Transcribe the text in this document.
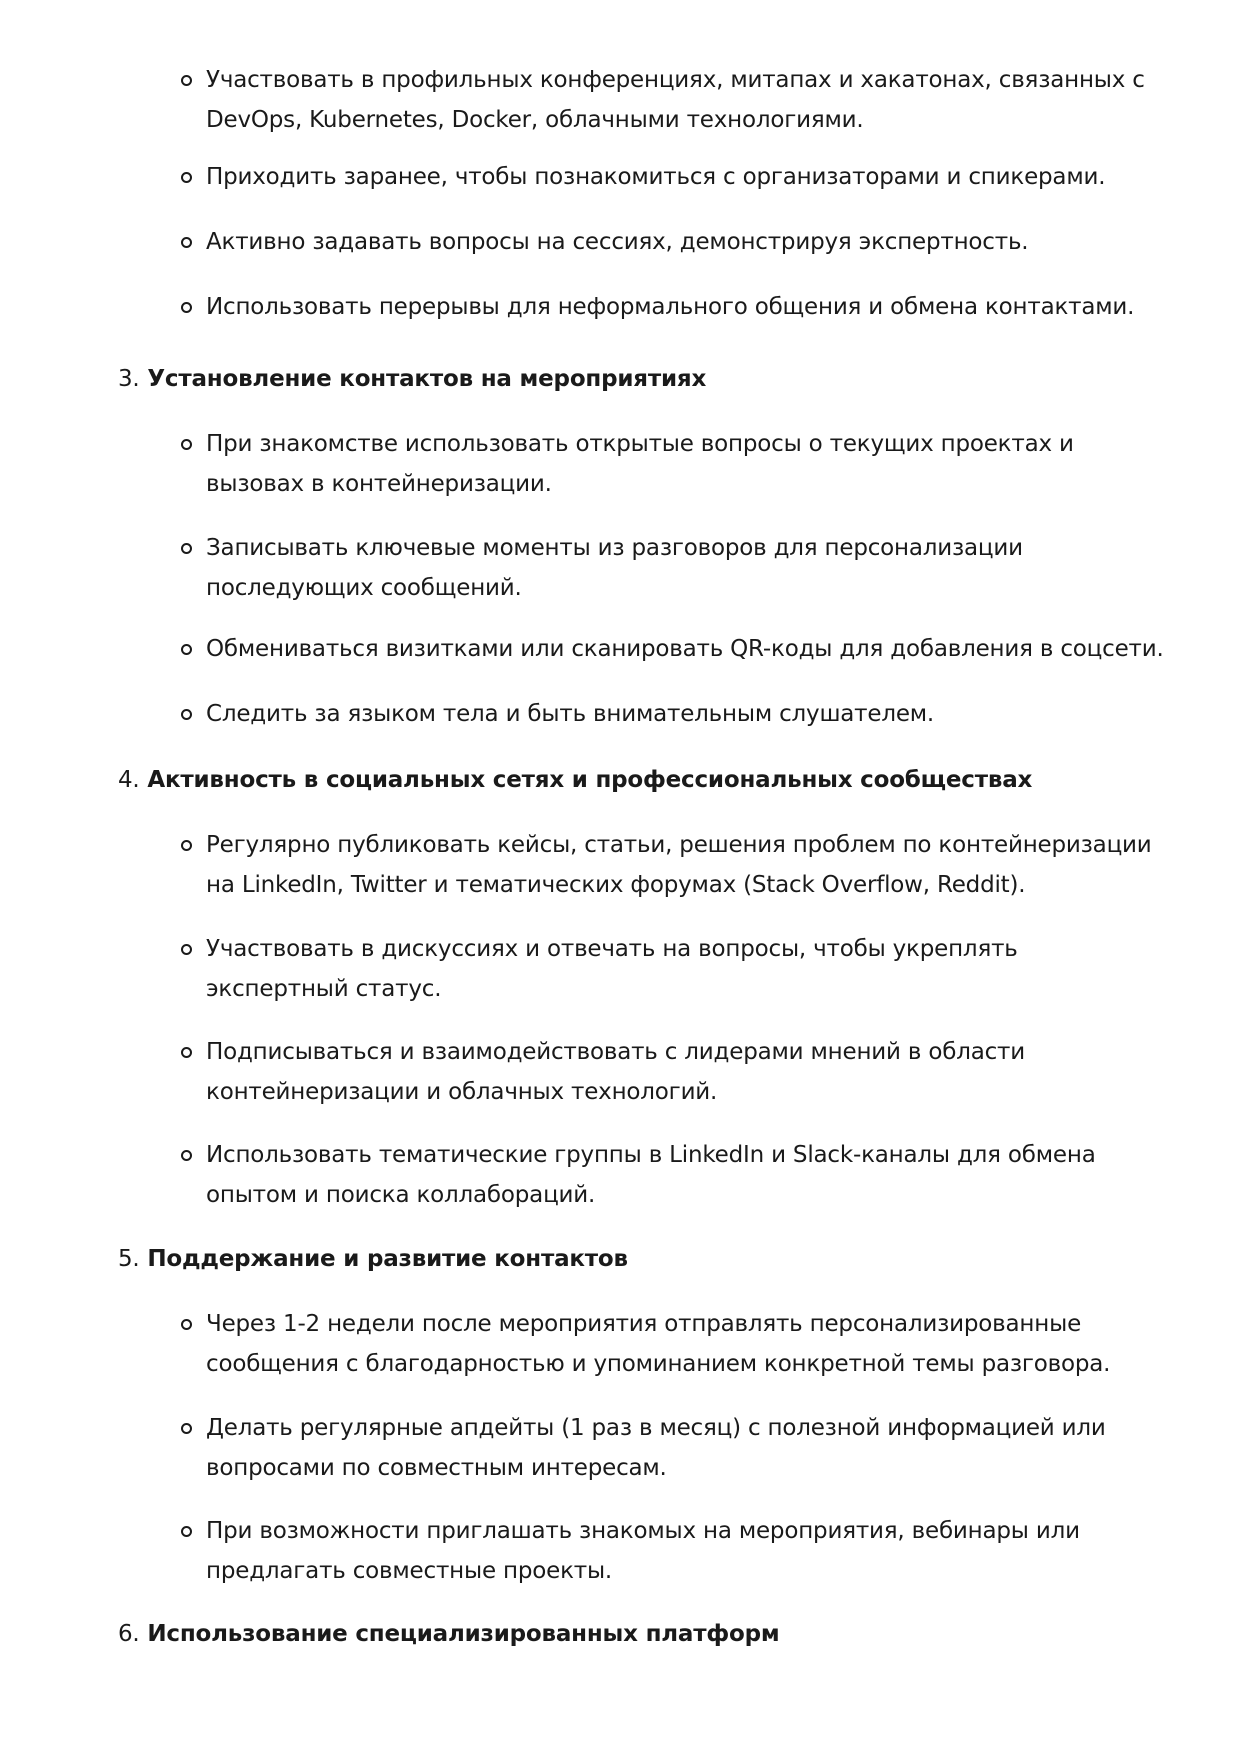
Участвовать в профильных конференциях, митапах и хакатонах, связанных с DevOps, Kubernetes, Docker, облачными технологиями.
Приходить заранее, чтобы познакомиться с организаторами и спикерами.
Активно задавать вопросы на сессиях, демонстрируя экспертность.
Использовать перерывы для неформального общения и обмена контактами.
3. Установление контактов на мероприятиях
При знакомстве использовать открытые вопросы о текущих проектах и вызовах в контейнеризации.
Записывать ключевые моменты из разговоров для персонализации последующих сообщений.
Обмениваться визитками или сканировать QR-коды для добавления в соцсети.
Следить за языком тела и быть внимательным слушателем.
4. Активность в социальных сетях и профессиональных сообществах
Регулярно публиковать кейсы, статьи, решения проблем по контейнеризации на LinkedIn, Twitter и тематических форумах (Stack Overflow, Reddit).
Участвовать в дискуссиях и отвечать на вопросы, чтобы укреплять экспертный статус.
Подписываться и взаимодействовать с лидерами мнений в области контейнеризации и облачных технологий.
Использовать тематические группы в LinkedIn и Slack-каналы для обмена опытом и поиска коллабораций.
5. Поддержание и развитие контактов
Через 1-2 недели после мероприятия отправлять персонализированные сообщения с благодарностью и упоминанием конкретной темы разговора.
Делать регулярные апдейты (1 раз в месяц) с полезной информацией или вопросами по совместным интересам.
При возможности приглашать знакомых на мероприятия, вебинары или предлагать совместные проекты.
6. Использование специализированных платформ
